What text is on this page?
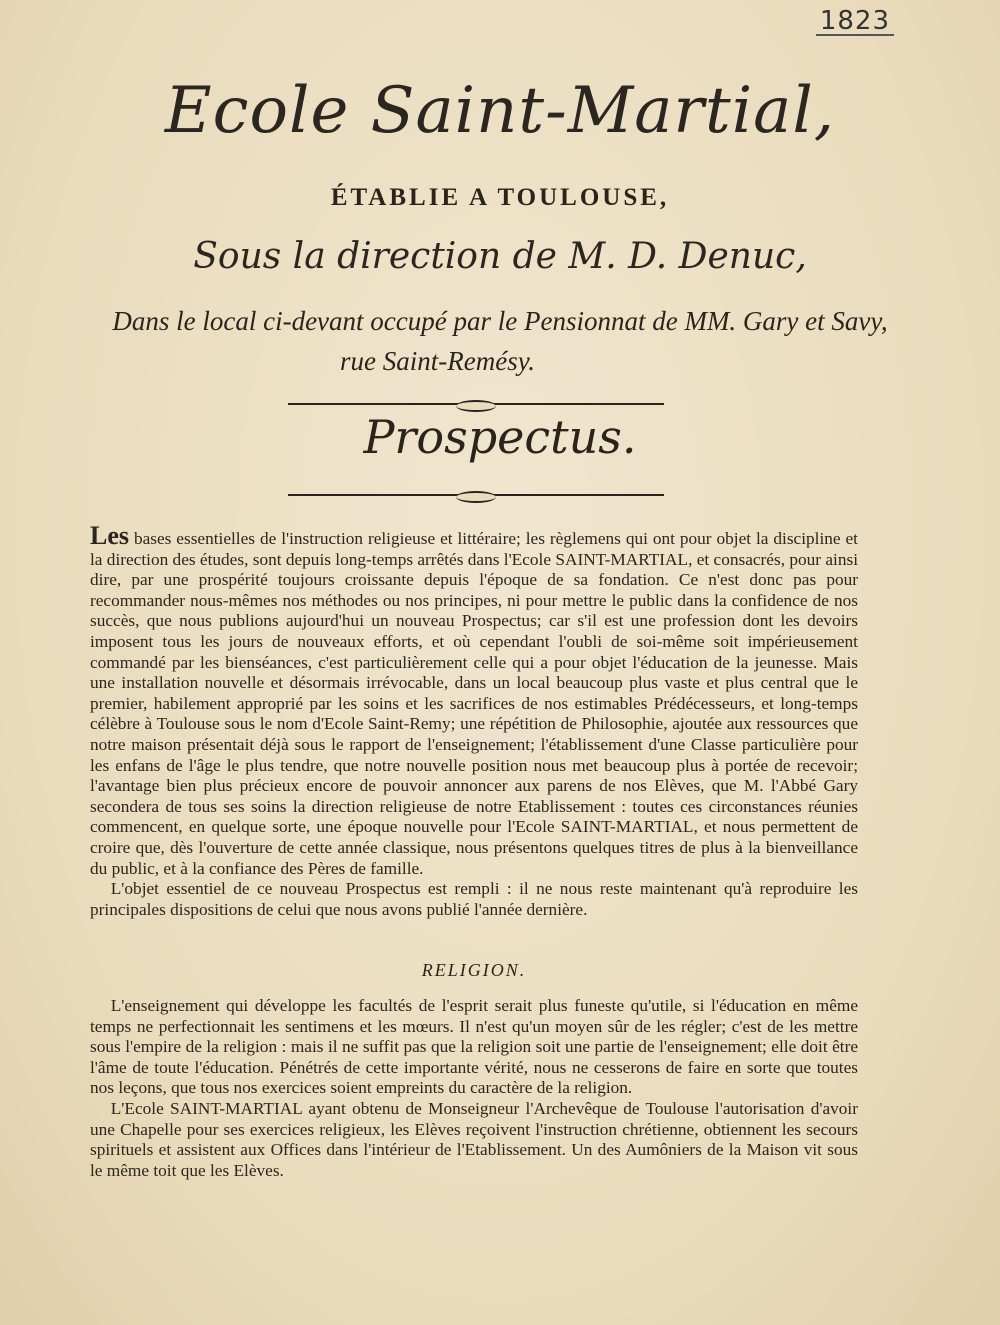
1823
Ecole Saint-Martial,
ÉTABLIE A TOULOUSE,
Sous la direction de M. D. Denuc,
Dans le local ci-devant occupé par le Pensionnat de MM. Gary et Savy,
rue Saint-Remésy.
Prospectus.

Les bases essentielles de l'instruction religieuse et littéraire; les règlemens qui ont pour objet la discipline et la direction des études, sont depuis long-temps arrêtés dans l'Ecole SAINT-MARTIAL, et consacrés, pour ainsi dire, par une prospérité toujours croissante depuis l'époque de sa fondation. Ce n'est donc pas pour recommander nous-mêmes nos méthodes ou nos principes, ni pour mettre le public dans la confidence de nos succès, que nous publions aujourd'hui un nouveau Prospectus; car s'il est une profession dont les devoirs imposent tous les jours de nouveaux efforts, et où cependant l'oubli de soi-même soit impérieusement commandé par les bienséances, c'est particulièrement celle qui a pour objet l'éducation de la jeunesse. Mais une installation nouvelle et désormais irrévocable, dans un local beaucoup plus vaste et plus central que le premier, habilement approprié par les soins et les sacrifices de nos estimables Prédécesseurs, et long-temps célèbre à Toulouse sous le nom d'Ecole Saint-Remy; une répétition de Philosophie, ajoutée aux ressources que notre maison présentait déjà sous le rapport de l'enseignement; l'établissement d'une Classe particulière pour les enfans de l'âge le plus tendre, que notre nouvelle position nous met beaucoup plus à portée de recevoir; l'avantage bien plus précieux encore de pouvoir annoncer aux parens de nos Elèves, que M. l'Abbé Gary secondera de tous ses soins la direction religieuse de notre Etablissement : toutes ces circonstances réunies commencent, en quelque sorte, une époque nouvelle pour l'Ecole SAINT-MARTIAL, et nous permettent de croire que, dès l'ouverture de cette année classique, nous présentons quelques titres de plus à la bienveillance du public, et à la confiance des Pères de famille.

L'objet essentiel de ce nouveau Prospectus est rempli : il ne nous reste maintenant qu'à reproduire les principales dispositions de celui que nous avons publié l'année dernière.

RELIGION.

L'enseignement qui développe les facultés de l'esprit serait plus funeste qu'utile, si l'éducation en même temps ne perfectionnait les sentimens et les mœurs. Il n'est qu'un moyen sûr de les régler; c'est de les mettre sous l'empire de la religion : mais il ne suffit pas que la religion soit une partie de l'enseignement; elle doit être l'âme de toute l'éducation. Pénétrés de cette importante vérité, nous ne cesserons de faire en sorte que toutes nos leçons, que tous nos exercices soient empreints du caractère de la religion.

L'Ecole SAINT-MARTIAL ayant obtenu de Monseigneur l'Archevêque de Toulouse l'autorisation d'avoir une Chapelle pour ses exercices religieux, les Elèves reçoivent l'instruction chrétienne, obtiennent les secours spirituels et assistent aux Offices dans l'intérieur de l'Etablissement. Un des Aumôniers de la Maison vit sous le même toit que les Elèves.
